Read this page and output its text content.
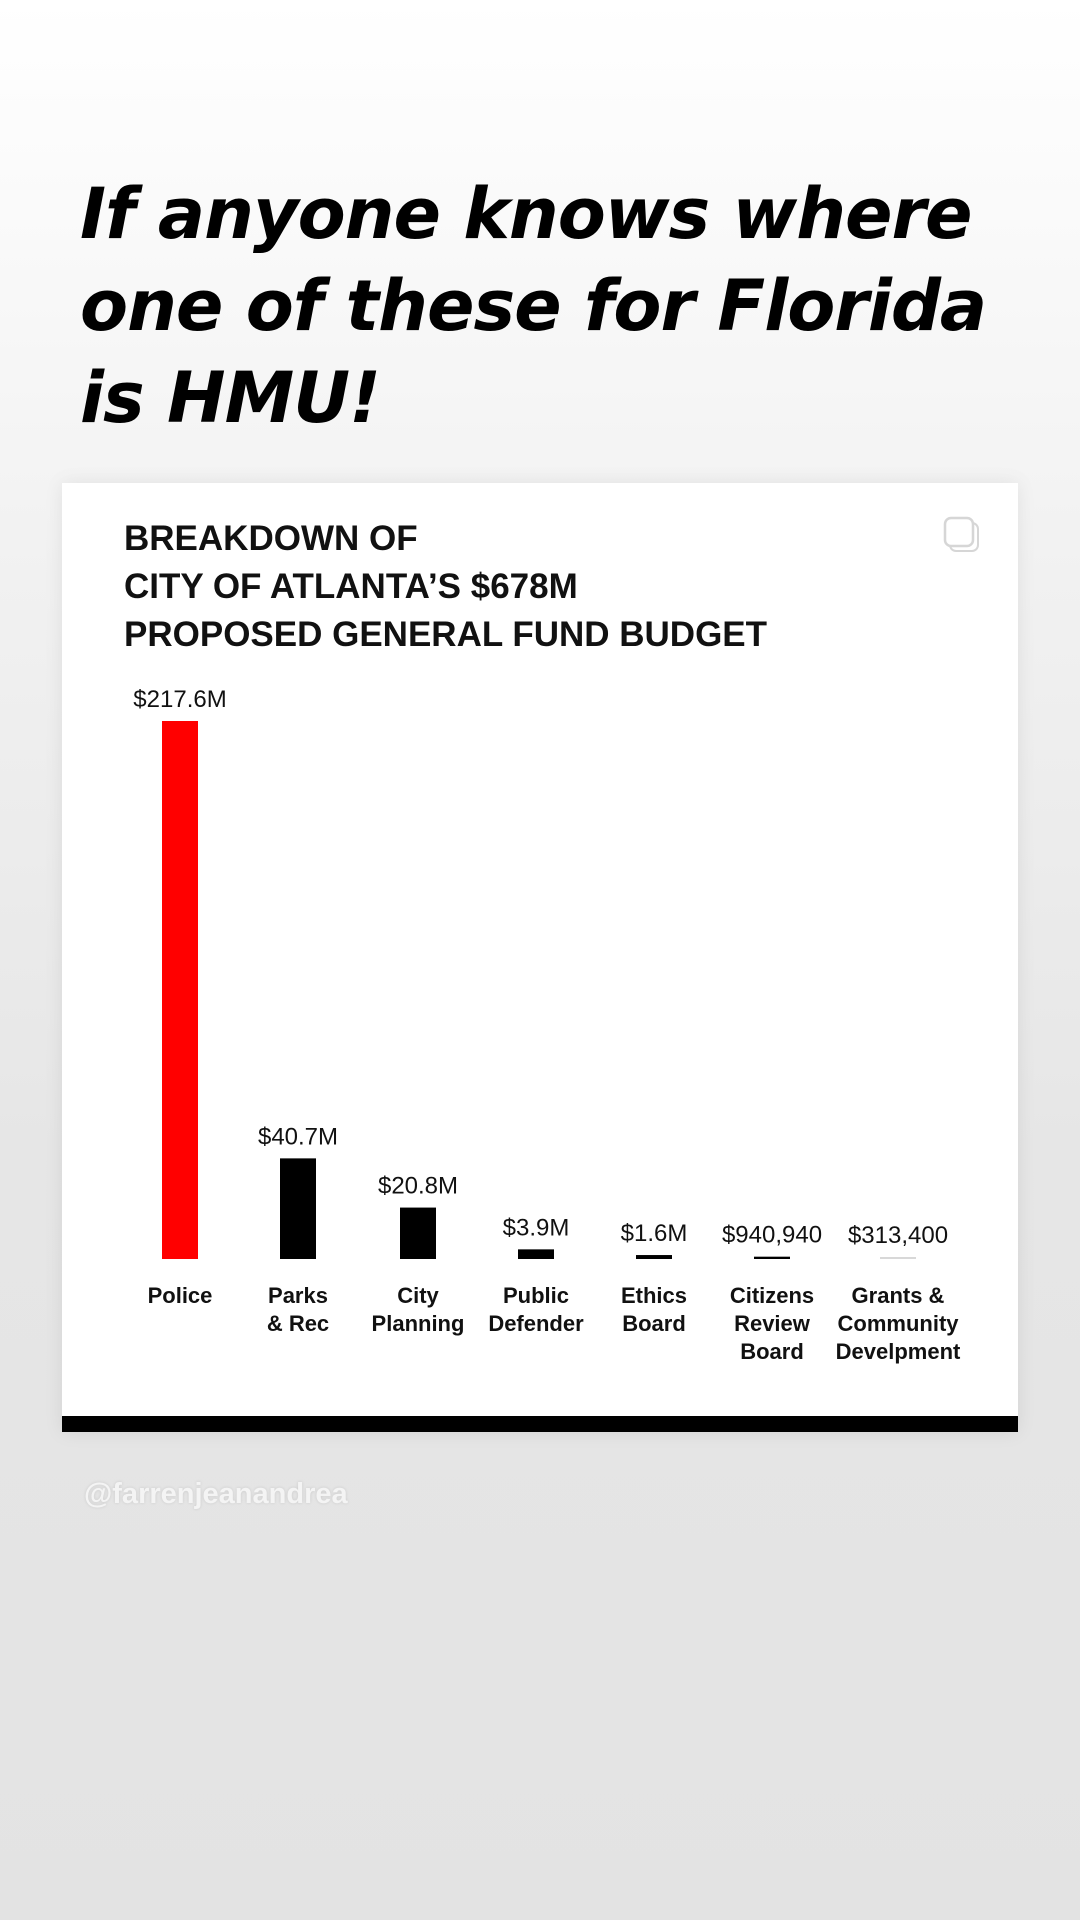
If anyone knows where one of these for Florida is HMU!

BREAKDOWN OF
CITY OF ATLANTA’S $678M
PROPOSED GENERAL FUND BUDGET
$217.6M
Police
$40.7M
Parks
& Rec
$20.8M
City
Planning
$3.9M
Public
Defender
$1.6M
Ethics
Board
$940,940
Citizens
Review
Board
$313,400
Grants &
Community
Develpment

@farrenjeanandrea
